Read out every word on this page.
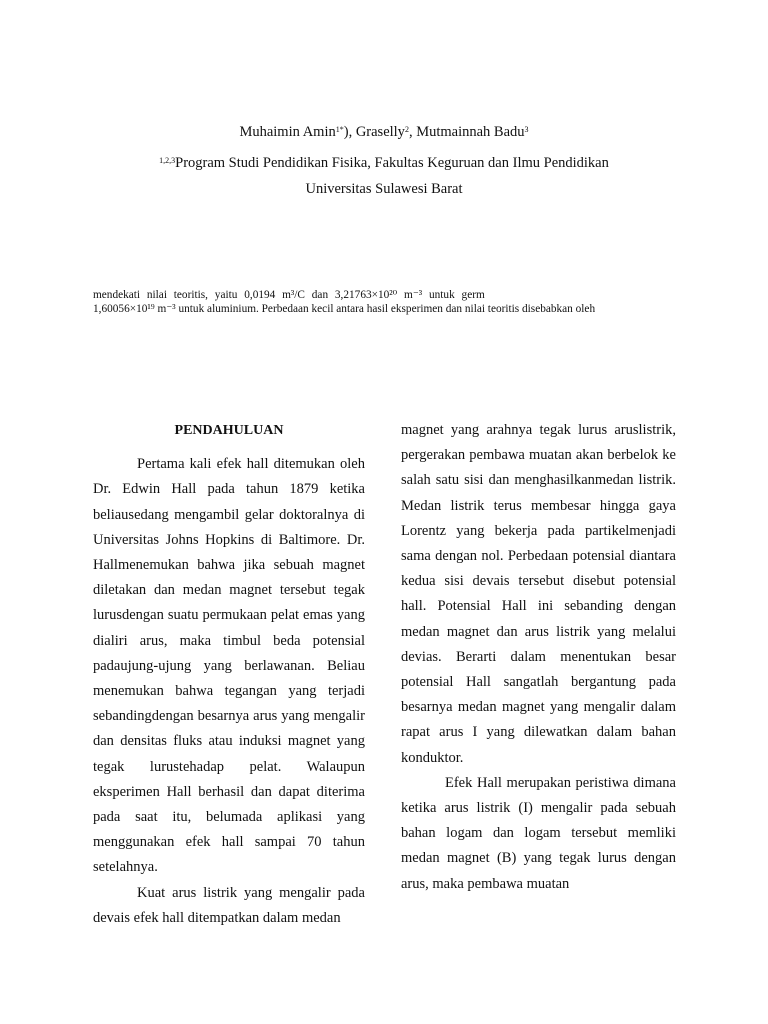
Muhaimin Amin$^{1*}$), Graselly$^2$, Mutmainnah Badu$^3$
$^{1,2,3}$Program Studi Pendidikan Fisika, Fakultas Keguruan dan Ilmu Pendidikan
Universitas Sulawesi Barat
mendekati nilai teoritis, yaitu 0,0194 m³/C dan 3,21763×10²⁰ m⁻³ untuk germ
1,60056×10¹⁹ m⁻³ untuk aluminium. Perbedaan kecil antara hasil eksperimen dan nilai teoritis disebabkan oleh
PENDAHULUAN

Pertama kali efek hall ditemukan oleh Dr. Edwin Hall pada tahun 1879 ketika beliausedang mengambil gelar doktoralnya di Universitas Johns Hopkins di Baltimore. Dr. Hallmenemukan bahwa jika sebuah magnet diletakan dan medan magnet tersebut tegak lurusdengan suatu permukaan pelat emas yang dialiri arus, maka timbul beda potensial padaujung-ujung yang berlawanan. Beliau menemukan bahwa tegangan yang terjadi sebandingdengan besarnya arus yang mengalir dan densitas fluks atau induksi magnet yang tegak lurustehadap pelat. Walaupun eksperimen Hall berhasil dan dapat diterima pada saat itu, belumada aplikasi yang menggunakan efek hall sampai 70 tahun setelahnya.

Kuat arus listrik yang mengalir pada devais efek hall ditempatkan dalam medan

magnet yang arahnya tegak lurus aruslistrik, pergerakan pembawa muatan akan berbelok ke salah satu sisi dan menghasilkanmedan listrik. Medan listrik terus membesar hingga gaya Lorentz yang bekerja pada partikelmenjadi sama dengan nol. Perbedaan potensial diantara kedua sisi devais tersebut disebut potensial hall. Potensial Hall ini sebanding dengan medan magnet dan arus listrik yang melalui devias. Berarti dalam menentukan besar potensial Hall sangatlah bergantung pada besarnya medan magnet yang mengalir dalam rapat arus I yang dilewatkan dalam bahan konduktor.

Efek Hall merupakan peristiwa dimana ketika arus listrik (I) mengalir pada sebuah bahan logam dan logam tersebut memliki medan magnet (B) yang tegak lurus dengan arus, maka pembawa muatan
